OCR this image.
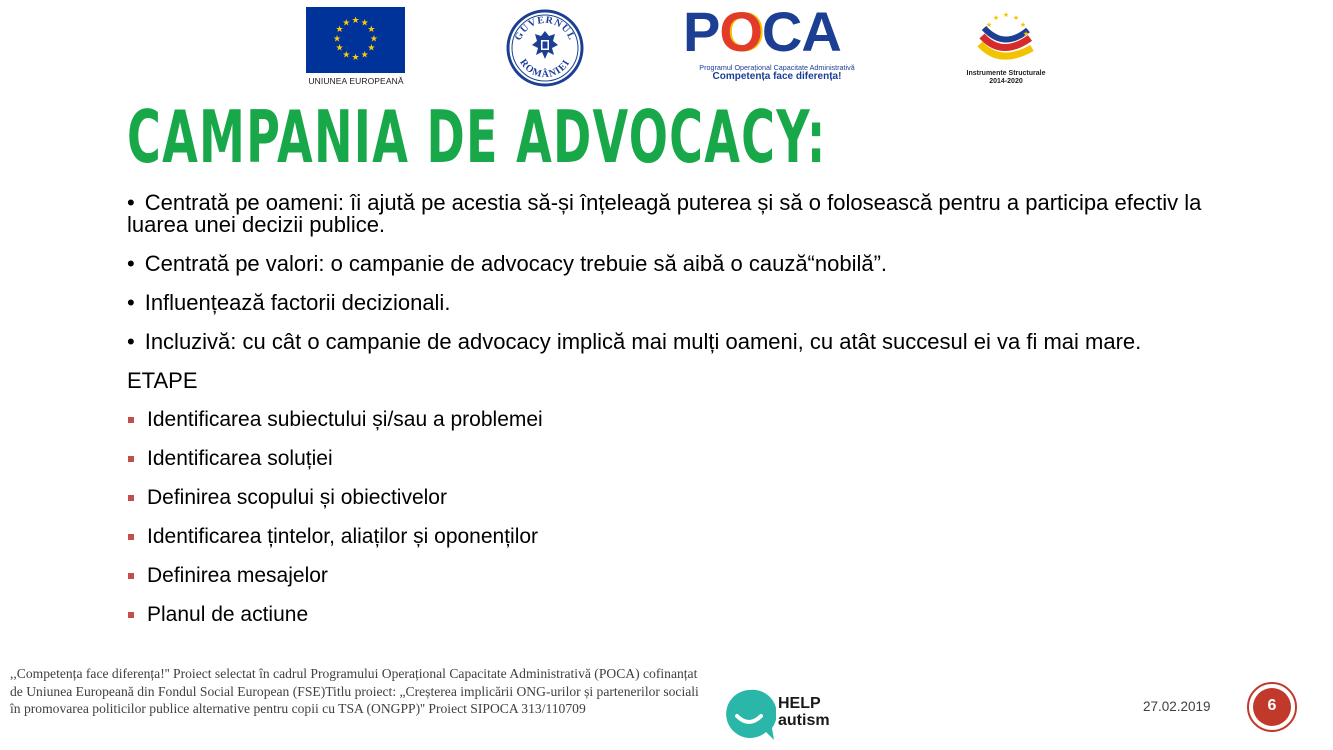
★ ★
★
★
★
★
★
★
★
★
★
★
UNIUNEA EUROPEANĂ
GUVERNUL
ROMÂNIEI POCA
Programul Operațional Capacitate Administrativă
Competența face diferența!
★ ★
★
★
★
★
Instrumente Structurale 2014-2020
CAMPANIA DE ADVOCACY:

• Centrată pe oameni: îi ajută pe acestia să-și înțeleagă puterea și să o folosească pentru a participa efectiv la luarea unei decizii publice.

• Centrată pe valori: o campanie de advocacy trebuie să aibă o cauză“nobilă”.

• Influențează factorii decizionali.

• Incluzivă: cu cât o campanie de advocacy implică mai mulți oameni, cu atât succesul ei va fi mai mare.

ETAPE

Identificarea subiectului și/sau a problemei
Identificarea soluției
Definirea scopului și obiectivelor
Identificarea țintelor, aliaților și oponenților
Definirea mesajelor
Planul de actiune
,,Competența face diferența!'' Proiect selectat în cadrul Programului Operațional Capacitate Administrativă (POCA) cofinanțat de Uniunea Europeană din Fondul Social European (FSE)Titlu proiect: „Creșterea implicării ONG-urilor și partenerilor sociali în promovarea politicilor publice alternative pentru copii cu TSA (ONGPP)'' Proiect SIPOCA 313/110709	HELP
autism
27.02.2019	6
